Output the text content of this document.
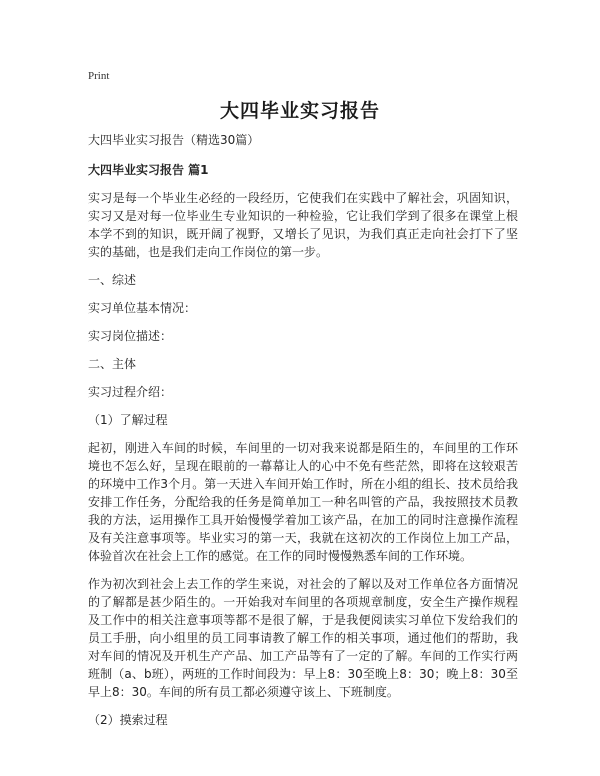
Print
大四毕业实习报告

大四毕业实习报告（精选30篇）

大四毕业实习报告 篇1

实习是每一个毕业生必经的一段经历，它使我们在实践中了解社会，巩固知识，实习又是对每一位毕业生专业知识的一种检验，它让我们学到了很多在课堂上根本学不到的知识，既开阔了视野，又增长了见识，为我们真正走向社会打下了坚实的基础，也是我们走向工作岗位的第一步。

一、综述

实习单位基本情况：

实习岗位描述：

二、主体

实习过程介绍：

（1）了解过程

起初，刚进入车间的时候，车间里的一切对我来说都是陌生的，车间里的工作环境也不怎么好，呈现在眼前的一幕幕让人的心中不免有些茫然，即将在这较艰苦的环境中工作3个月。第一天进入车间开始工作时，所在小组的组长、技术员给我安排工作任务，分配给我的任务是简单加工一种名叫管的产品，我按照技术员教我的方法，运用操作工具开始慢慢学着加工该产品，在加工的同时注意操作流程及有关注意事项等。毕业实习的第一天，我就在这初次的工作岗位上加工产品，体验首次在社会上工作的感觉。在工作的同时慢慢熟悉车间的工作环境。

作为初次到社会上去工作的学生来说，对社会的了解以及对工作单位各方面情况的了解都是甚少陌生的。一开始我对车间里的各项规章制度，安全生产操作规程及工作中的相关注意事项等都不是很了解，于是我便阅读实习单位下发给我们的员工手册，向小组里的员工同事请教了解工作的相关事项，通过他们的帮助，我对车间的情况及开机生产产品、加工产品等有了一定的了解。车间的工作实行两班制（a、b班），两班的工作时间段为：早上8：30至晚上8：30；晚上8：30至早上8：30。车间的所有员工都必须遵守该上、下班制度。

（2）摸索过程
